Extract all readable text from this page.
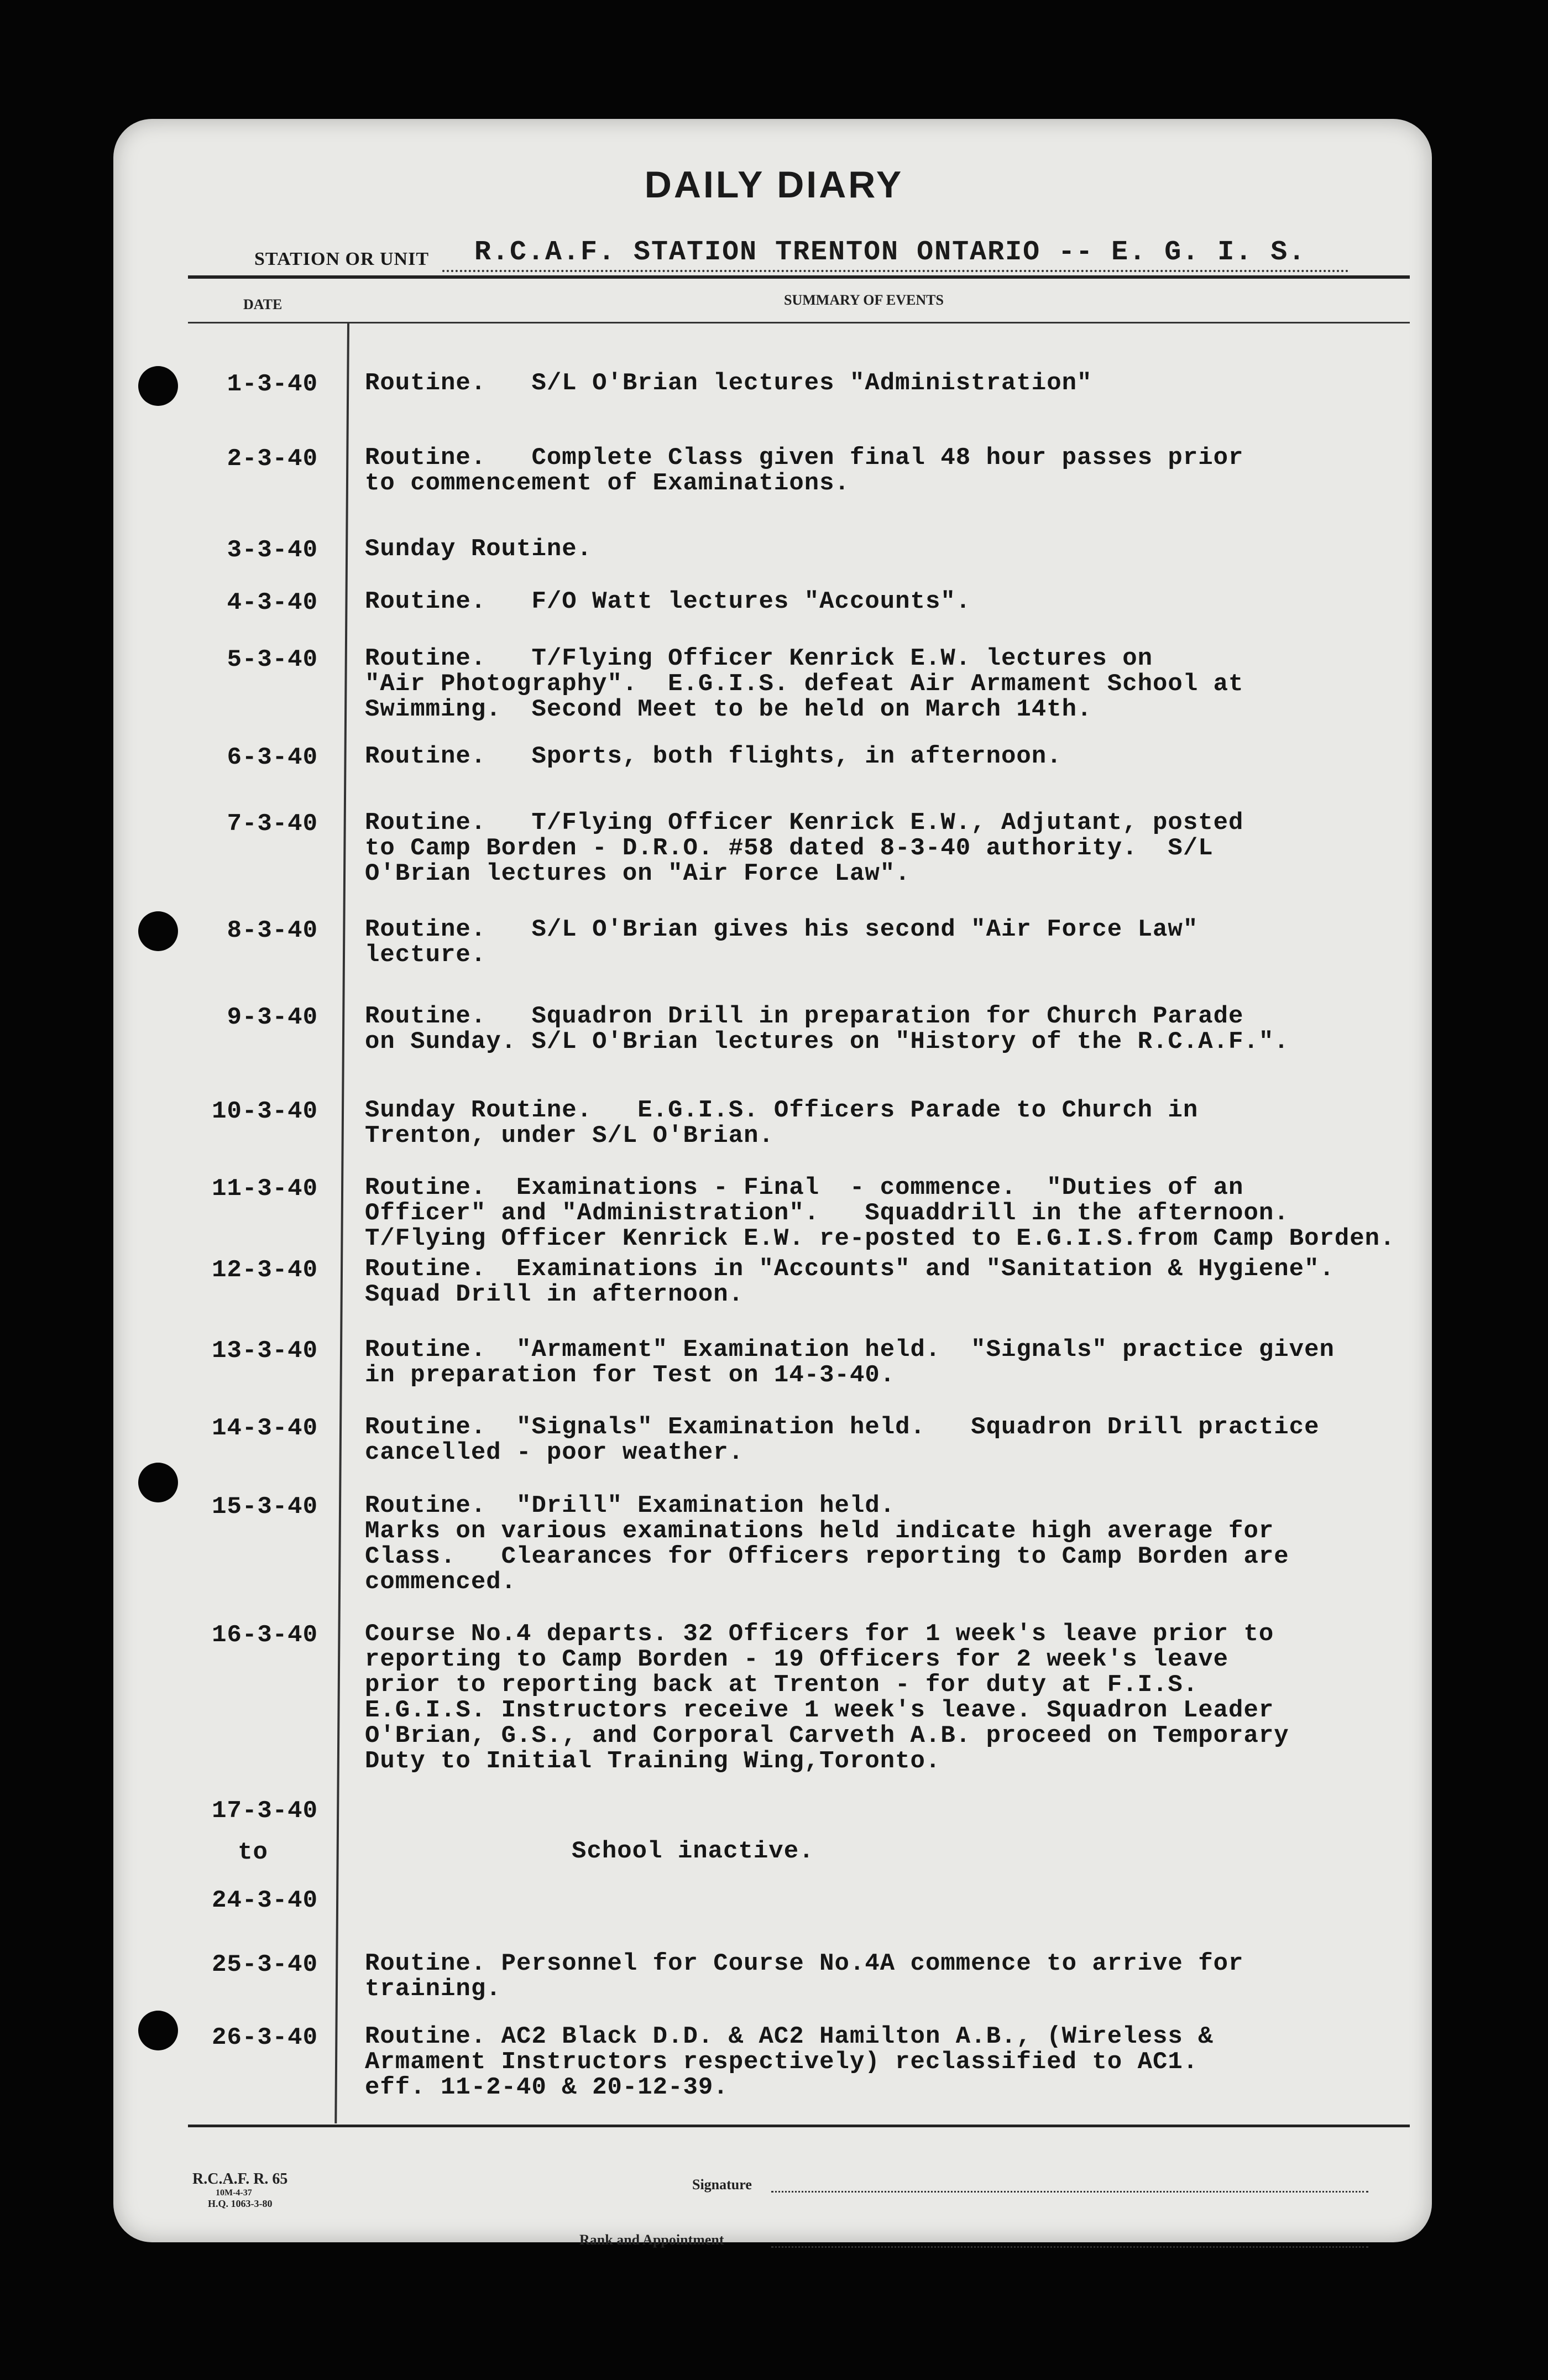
DAILY DIARY
STATION OR UNIT R.C.A.F. STATION TRENTON ONTARIO -- E. G. I. S.
DATE	SUMMARY OF EVENTS
1-3-40 Routine.   S/L O'Brian lectures "Administration"
2-3-40 Routine.   Complete Class given final 48 hour passes prior
to commencement of Examinations.
3-3-40 Sunday Routine.
4-3-40 Routine.   F/O Watt lectures "Accounts".
5-3-40 Routine.   T/Flying Officer Kenrick E.W. lectures on
"Air Photography".  E.G.I.S. defeat Air Armament School at
Swimming.  Second Meet to be held on March 14th.
6-3-40 Routine.   Sports, both flights, in afternoon.
7-3-40 Routine.   T/Flying Officer Kenrick E.W., Adjutant, posted
to Camp Borden - D.R.O. #58 dated 8-3-40 authority.  S/L
O'Brian lectures on "Air Force Law".
8-3-40 Routine.   S/L O'Brian gives his second "Air Force Law"
lecture.
9-3-40 Routine.   Squadron Drill in preparation for Church Parade
on Sunday. S/L O'Brian lectures on "History of the R.C.A.F.".
10-3-40 Sunday Routine.   E.G.I.S. Officers Parade to Church in
Trenton, under S/L O'Brian.
11-3-40 Routine.  Examinations - Final  - commence.  "Duties of an
Officer" and "Administration".   Squaddrill in the afternoon.
T/Flying Officer Kenrick E.W. re-posted to E.G.I.S.from Camp Borden.
12-3-40 Routine.  Examinations in "Accounts" and "Sanitation & Hygiene".
Squad Drill in afternoon.
13-3-40 Routine.  "Armament" Examination held.  "Signals" practice given
in preparation for Test on 14-3-40.
14-3-40 Routine.  "Signals" Examination held.   Squadron Drill practice
cancelled - poor weather.
15-3-40 Routine.  "Drill" Examination held.
Marks on various examinations held indicate high average for
Class.   Clearances for Officers reporting to Camp Borden are
commenced.
16-3-40 Course No.4 departs. 32 Officers for 1 week's leave prior to
reporting to Camp Borden - 19 Officers for 2 week's leave
prior to reporting back at Trenton - for duty at F.I.S.
E.G.I.S. Instructors receive 1 week's leave. Squadron Leader
O'Brian, G.S., and Corporal Carveth A.B. proceed on Temporary
Duty to Initial Training Wing,Toronto.
17-3-40
to	School inactive.
24-3-40
25-3-40 Routine. Personnel for Course No.4A commence to arrive for
training.
26-3-40 Routine. AC2 Black D.D. & AC2 Hamilton A.B., (Wireless &
Armament Instructors respectively) reclassified to AC1.
eff. 11-2-40 & 20-12-39.
R.C.A.F. R. 65
10M-4-37
H.Q. 1063-3-80
Signature
Rank and Appointment
